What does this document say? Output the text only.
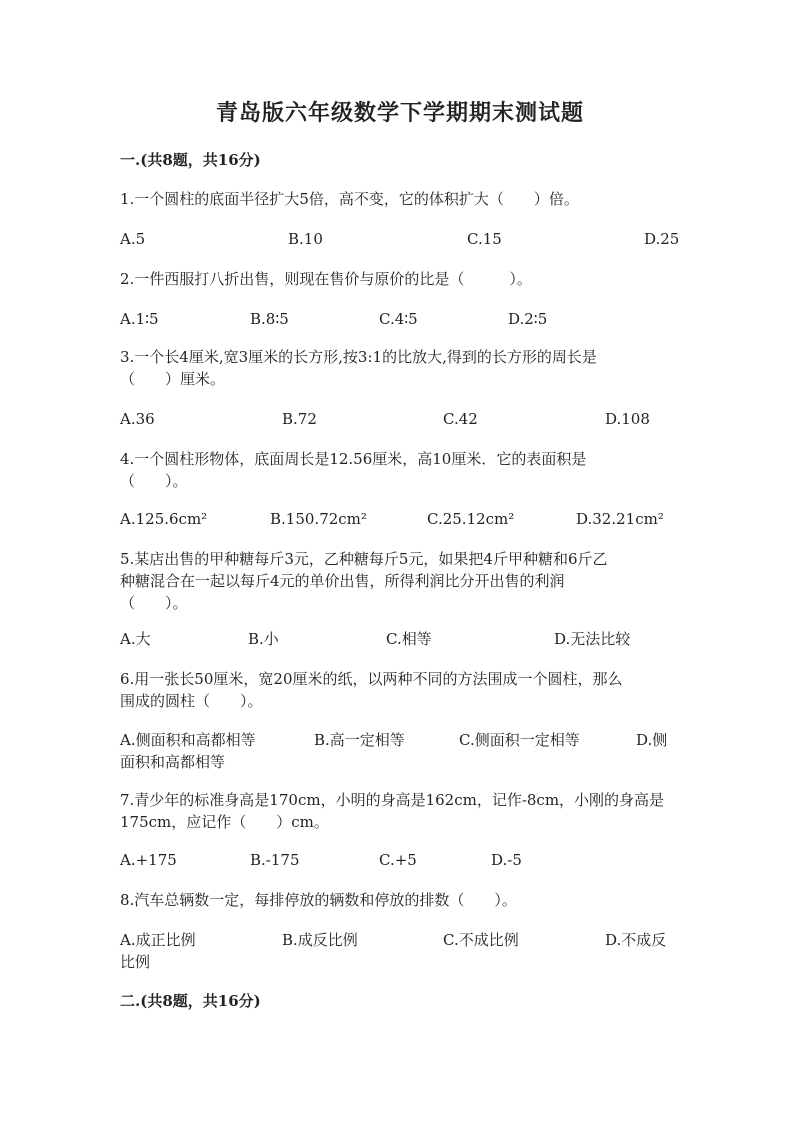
青岛版六年级数学下学期期末测试题
一.(共8题，共16分)
1.一个圆柱的底面半径扩大5倍，高不变，它的体积扩大（　　）倍。
A.5	B.10	C.15	D.25
2.一件西服打八折出售，则现在售价与原价的比是（　　　）。
A.1∶5	B.8∶5	C.4∶5	D.2∶5
3.一个长4厘米,宽3厘米的长方形,按3:1的比放大,得到的长方形的周长是
（　　）厘米。
A.36	B.72	C.42	D.108
4.一个圆柱形物体，底面周长是12.56厘米，高10厘米．它的表面积是
（　　）。
A.125.6cm²	B.150.72cm²	C.25.12cm²	D.32.21cm²
5.某店出售的甲种糖每斤3元，乙种糖每斤5元，如果把4斤甲种糖和6斤乙
种糖混合在一起以每斤4元的单价出售，所得利润比分开出售的利润
（　　）。
A.大	B.小	C.相等	D.无法比较
6.用一张长50厘米，宽20厘米的纸，以两种不同的方法围成一个圆柱，那么
围成的圆柱（　　）。
A.侧面积和高都相等	B.高一定相等	C.侧面积一定相等	D.侧
面积和高都相等
7.青少年的标准身高是170cm，小明的身高是162cm，记作-8cm，小刚的身高是
175cm，应记作（　　）cm。
A.+175	B.-175	C.+5	D.-5
8.汽车总辆数一定，每排停放的辆数和停放的排数（　　）。
A.成正比例	B.成反比例	C.不成比例	D.不成反
比例
二.(共8题，共16分)
